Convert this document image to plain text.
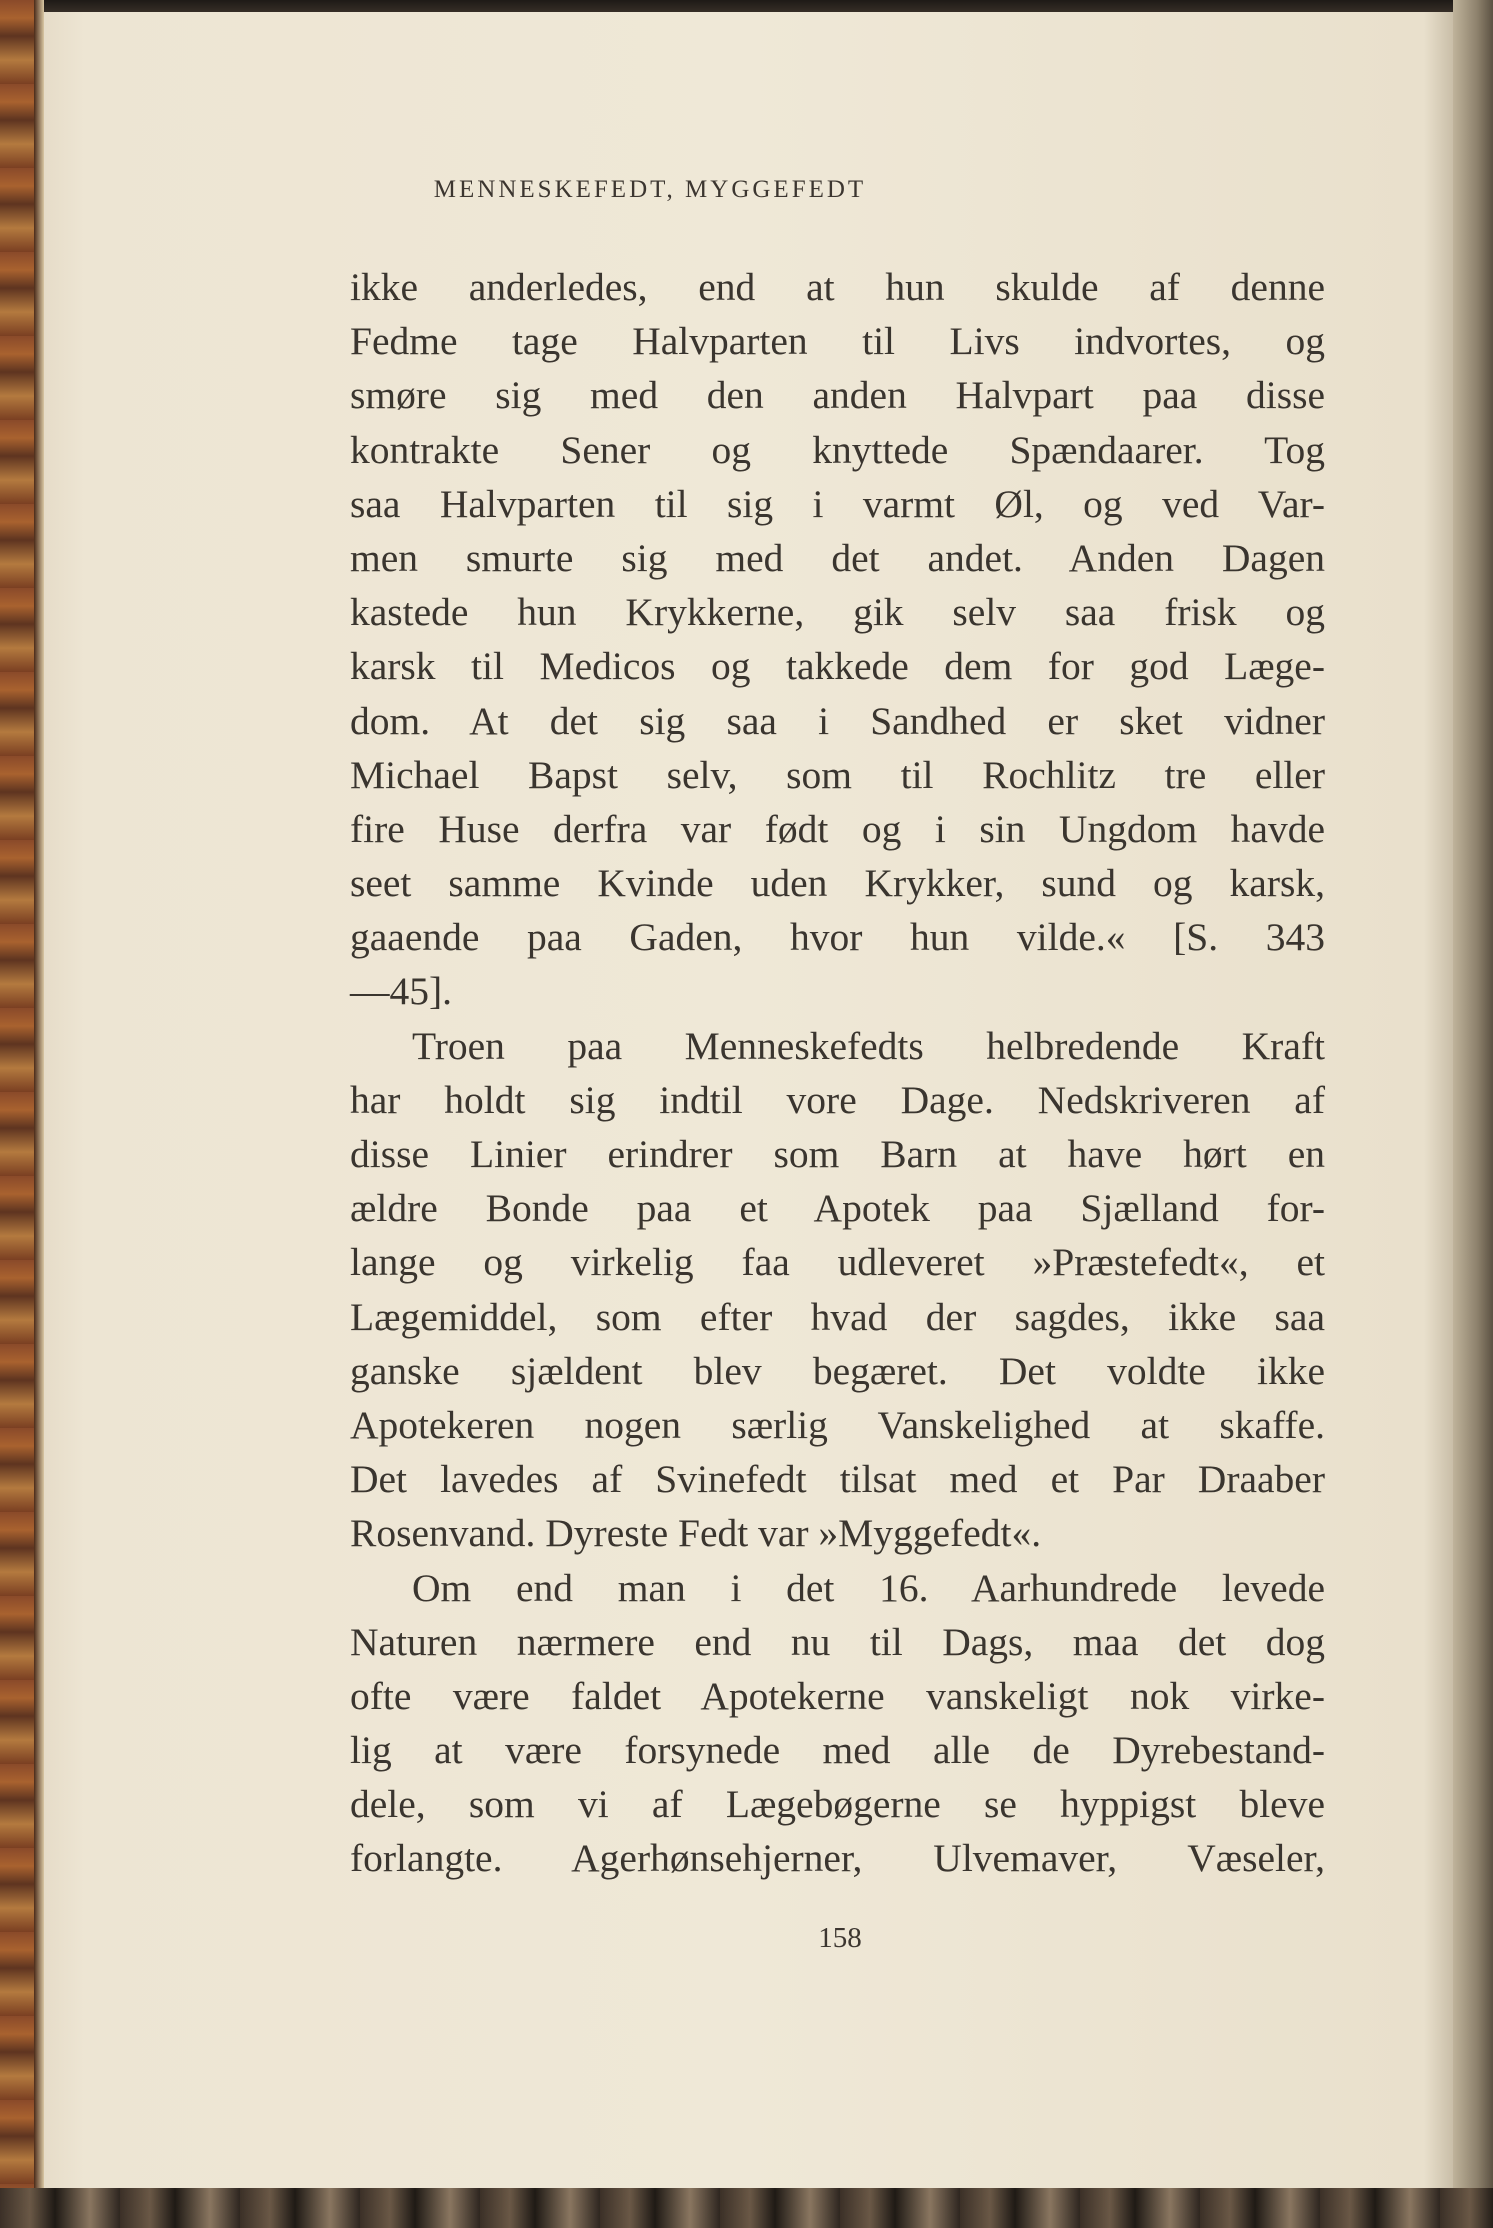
MENNESKEFEDT, MYGGEFEDT
ikke anderledes, end at hun skulde af denne
Fedme tage Halvparten til Livs indvortes, og
smøre sig med den anden Halvpart paa disse
kontrakte Sener og knyttede Spændaarer. Tog
saa Halvparten til sig i varmt Øl, og ved Var-
men smurte sig med det andet. Anden Dagen
kastede hun Krykkerne, gik selv saa frisk og
karsk til Medicos og takkede dem for god Læge-
dom. At det sig saa i Sandhed er sket vidner
Michael Bapst selv, som til Rochlitz tre eller
fire Huse derfra var født og i sin Ungdom havde
seet samme Kvinde uden Krykker, sund og karsk,
gaaende paa Gaden, hvor hun vilde.« [S. 343
—45].
Troen paa Menneskefedts helbredende Kraft
har holdt sig indtil vore Dage. Nedskriveren af
disse Linier erindrer som Barn at have hørt en
ældre Bonde paa et Apotek paa Sjælland for-
lange og virkelig faa udleveret »Præstefedt«, et
Lægemiddel, som efter hvad der sagdes, ikke saa
ganske sjældent blev begæret. Det voldte ikke
Apotekeren nogen særlig Vanskelighed at skaffe.
Det lavedes af Svinefedt tilsat med et Par Draaber
Rosenvand. Dyreste Fedt var »Myggefedt«.
Om end man i det 16. Aarhundrede levede
Naturen nærmere end nu til Dags, maa det dog
ofte være faldet Apotekerne vanskeligt nok virke-
lig at være forsynede med alle de Dyrebestand-
dele, som vi af Lægebøgerne se hyppigst bleve
forlangte. Agerhønsehjerner, Ulvemaver, Væseler,
158
